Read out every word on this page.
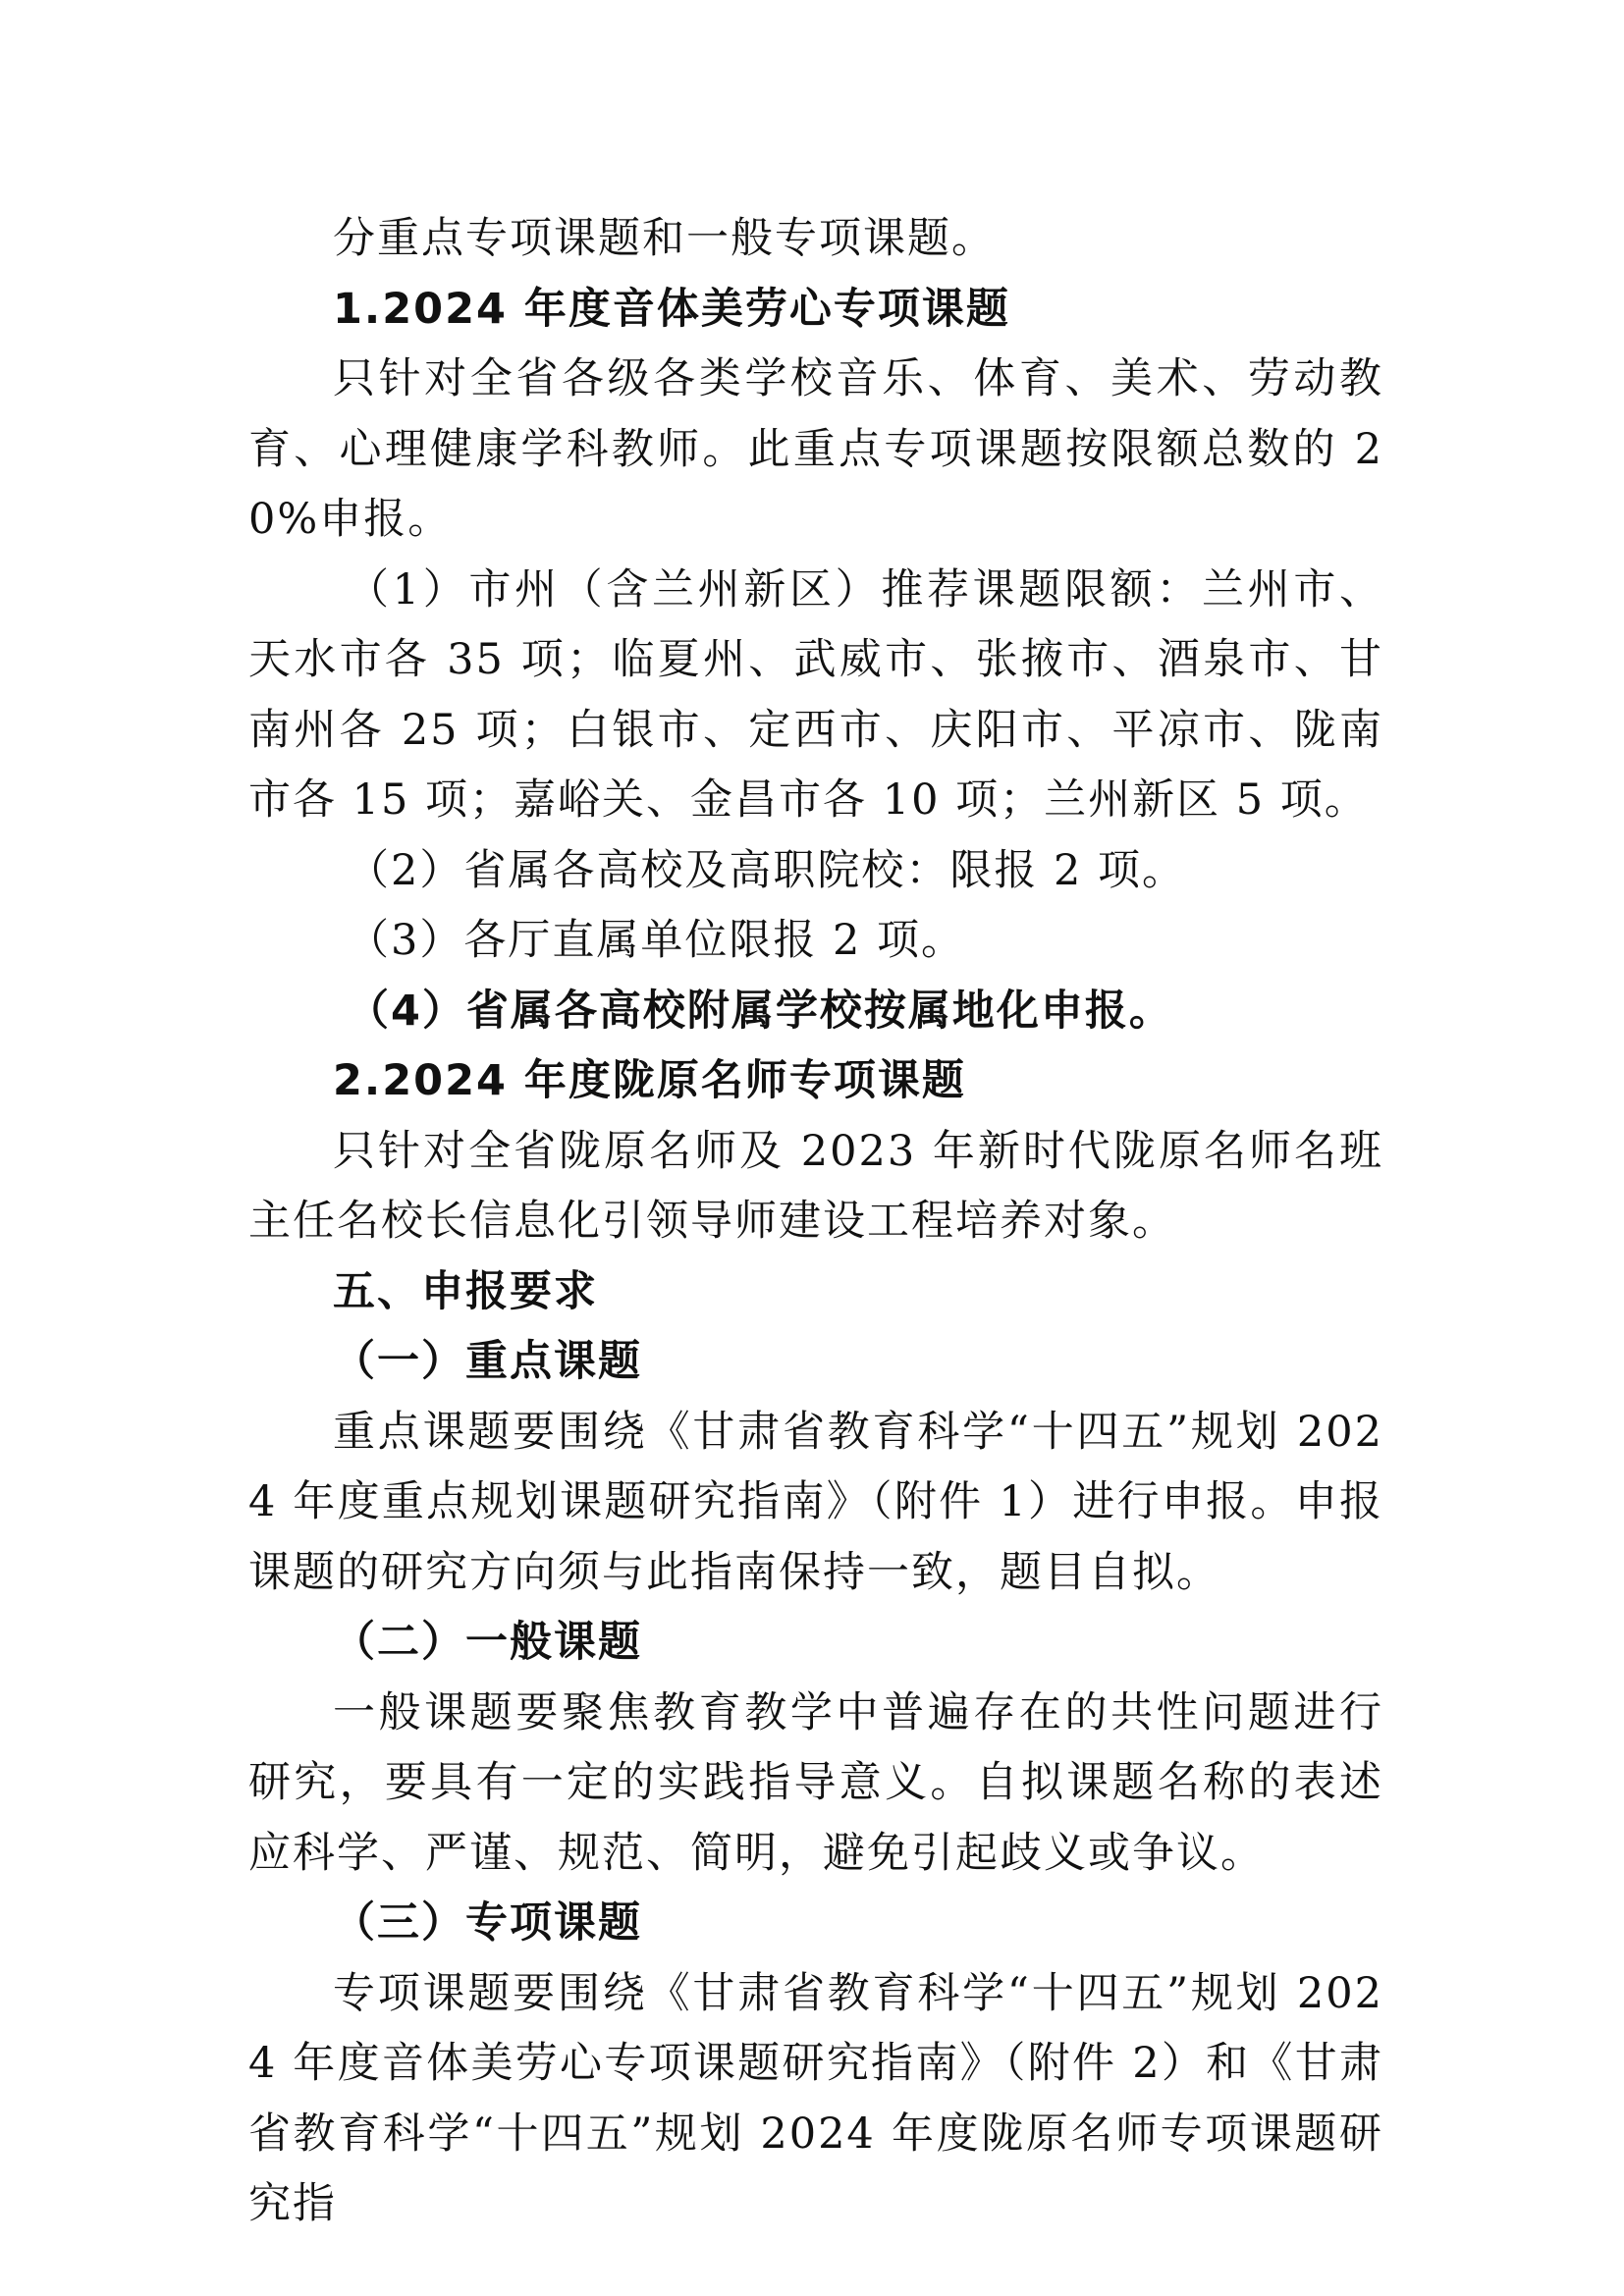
分重点专项课题和一般专项课题。

1.2024 年度音体美劳心专项课题

只针对全省各级各类学校音乐、体育、美术、劳动教育、心理健康学科教师。此重点专项课题按限额总数的 20%申报。

（1）市州（含兰州新区）推荐课题限额：兰州市、天水市各 35 项；临夏州、武威市、张掖市、酒泉市、甘南州各 25 项；白银市、定西市、庆阳市、平凉市、陇南市各 15 项；嘉峪关、金昌市各 10 项；兰州新区 5 项。

（2）省属各高校及高职院校：限报 2 项。

（3）各厅直属单位限报 2 项。

（4）省属各高校附属学校按属地化申报。

2.2024 年度陇原名师专项课题

只针对全省陇原名师及 2023 年新时代陇原名师名班主任名校长信息化引领导师建设工程培养对象。

五、申报要求

（一）重点课题

重点课题要围绕《甘肃省教育科学“十四五”规划 2024 年度重点规划课题研究指南》（附件 1）进行申报。申报课题的研究方向须与此指南保持一致，题目自拟。

（二）一般课题

一般课题要聚焦教育教学中普遍存在的共性问题进行研究，要具有一定的实践指导意义。自拟课题名称的表述应科学、严谨、规范、简明，避免引起歧义或争议。

（三）专项课题

专项课题要围绕《甘肃省教育科学“十四五”规划 2024 年度音体美劳心专项课题研究指南》（附件 2）和《甘肃省教育科学“十四五”规划 2024 年度陇原名师专项课题研究指
